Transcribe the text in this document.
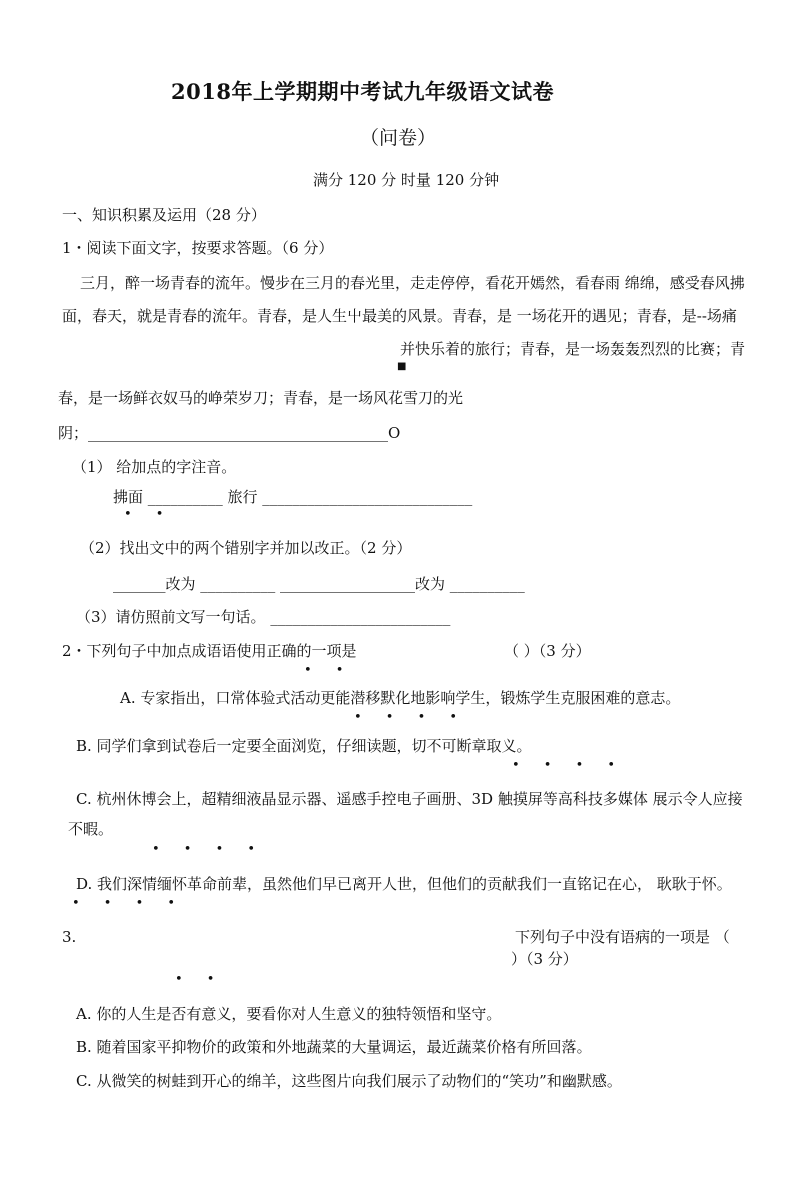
2018年上学期期中考试九年级语文试卷
（问卷）
满分 120 分 时量 120 分钟
一、知识积累及运用（28 分）
1・阅读下面文字，按要求答题。（6 分）
三月，醉一场青春的流年。慢步在三月的春光里，走走停停，看花开嫣然，看春雨 绵绵，感受春风拂
面，春天，就是青春的流年。青春，是人生屮最美的风景。青春，是 一场花开的遇见；青春，是--场痛
并快乐着的旅行；青春，是一场轰轰烈烈的比赛；青
■
春，是一场鲜衣奴马的峥荣岁刀；青春，是一场风花雪刀的光
阴；________________________________________O
（1） 给加点的字注音。
拂面 __________ 旅行 ____________________________
• •
（2）找出文中的两个错别字并加以改正。（2 分）
_______改为 __________ __________________改为 __________
（3）请仿照前文写一句话。 ________________________
2・下列句子中加点成语语使用正确的一项是	（ ）（3 分）
• •
A. 专家指出，口常体验式活动更能潜移默化地影响学生，锻炼学生克服困难的意志。
• • • •
B. 同学们拿到试卷后一定要全面浏览，仔细读题，切不可断章取义。
• • • •
C. 杭州休博会上，超精细液晶显示器、遥感手控电子画册、3D 触摸屏等高科技多媒体 展示令人应接
不暇。
• • • •
D. 我们深情缅怀革命前辈，虽然他们早已离开人世，但他们的贡献我们一直铭记在心， 耿耿于怀。
• • • •
3.	下列句子中没有语病的一项是 （
）（3 分）
• •
A. 你的人生是否有意义，要看你对人生意义的独特领悟和坚守。
B. 随着国家平抑物价的政策和外地蔬菜的大量调运，最近蔬菜价格有所回落。
C. 从微笑的树蛙到开心的绵羊，这些图片向我们展示了动物们的“笑功”和幽默感。
